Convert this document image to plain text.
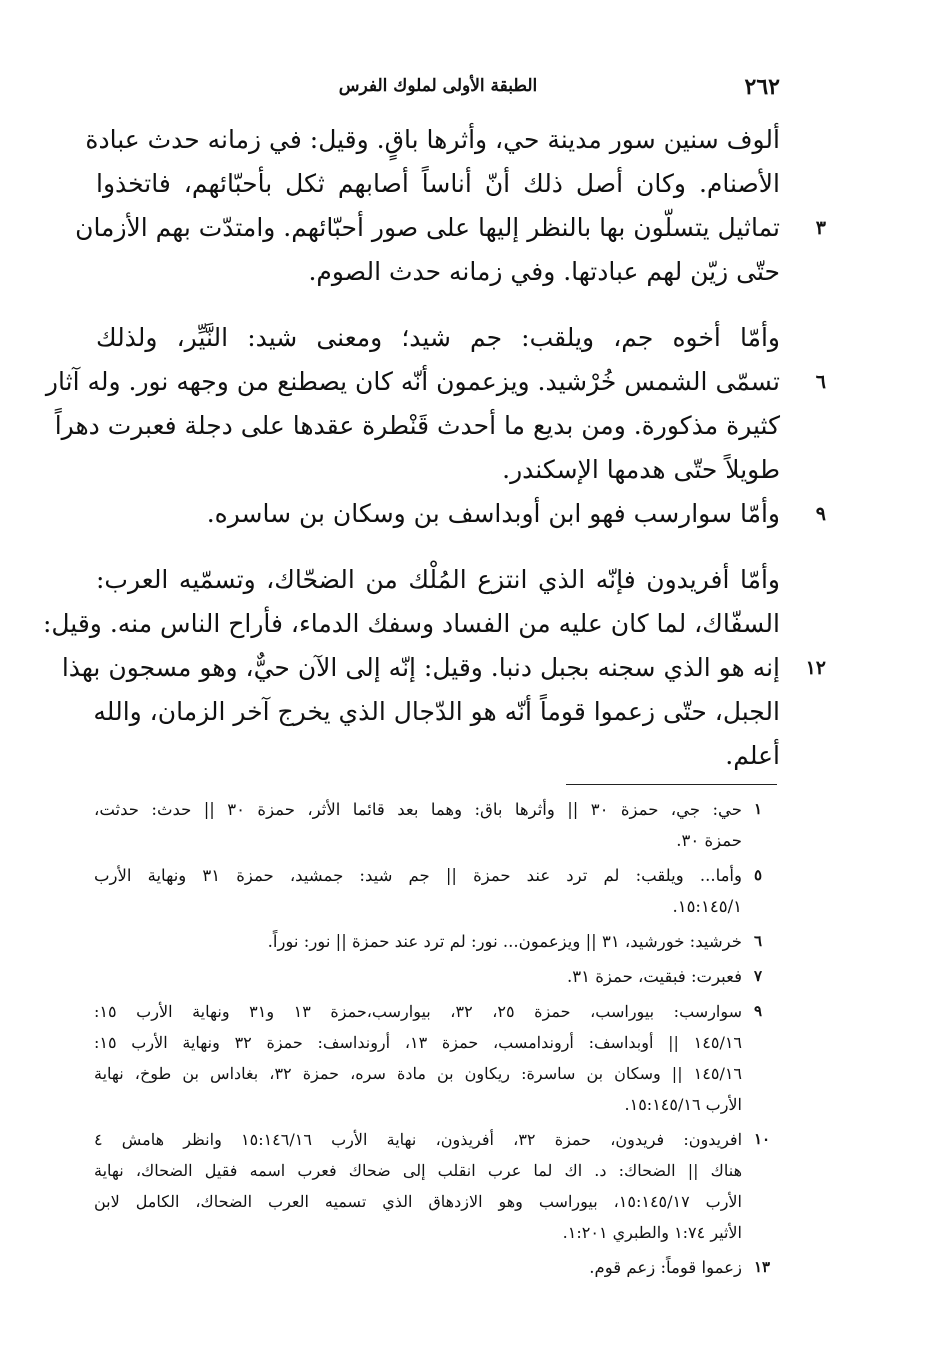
٢٦٢
الطبقة الأولى لملوك الفرس
ألوف سنين سور مدينة حي، وأثرها باقٍ. وقيل: في زمانه حدث عبادة
الأصنام. وكان أصل ذلك أنّ أناساً أصابهم ثكل بأحبّائهم، فاتخذوا
٣
تماثيل يتسلّون بها بالنظر إليها على صور أحبّائهم. وامتدّت بهم الأزمان
حتّى زيّن لهم عبادتها. وفي زمانه حدث الصوم.
وأمّا أخوه جم، ويلقب: جم شيد؛ ومعنى شيد: النَّيِّر، ولذلك
٦
تسمّى الشمس خُرْشيد. ويزعمون أنّه كان يصطنع من وجهه نور. وله آثار
كثيرة مذكورة. ومن بديع ما أحدث قَنْطرة عقدها على دجلة فعبرت دهراً
طويلاً حتّى هدمها الإسكندر.
٩
وأمّا سوارسب فهو ابن أوبداسف بن وسكان بن ساسره.
وأمّا أفريدون فإنّه الذي انتزع المُلْك من الضحّاك، وتسمّيه العرب:
السفّاك، لما كان عليه من الفساد وسفك الدماء، فأراح الناس منه. وقيل:
١٢
إنه هو الذي سجنه بجبل دنبا. وقيل: إنّه إلى الآن حيٌّ، وهو مسجون بهذا
الجبل، حتّى زعموا قوماً أنّه هو الدّجال الذي يخرج آخر الزمان، والله
أعلم.
١
حي: جي، حمزة ٣٠ || وأثرها باق: وهما بعد قائما الأثر، حمزة ٣٠ || حدث: حدثت،
حمزة ٣٠.
٥
وأما... ويلقب: لم ترد عند حمزة || جم شيد: جمشيد، حمزة ٣١ ونهاية الأرب
١٥:١٤٥/١.
٦
خرشيد: خورشيد، ٣١ || ويزعمون... نور: لم ترد عند حمزة || نور: نوراً.
٧
فعبرت: فبقيت، حمزة ٣١.
٩
سوارسب: بيوراسب، حمزة ٢٥، ٣٢، بيوارسب،حمزة ١٣ و٣١ ونهاية الأرب ١٥:
١٤٥/١٦ || أوبداسف: أروندامسب، حمزة ١٣، أرونداسف: حمزة ٣٢ ونهاية الأرب ١٥:
١٤٥/١٦ || وسكان بن ساسرة: ريكاون بن مادة سره، حمزة ٣٢، بغاداس بن طوخ، نهاية
الأرب ١٥:١٤٥/١٦.
١٠
افريدون: فريدون، حمزة ٣٢، أفريذون، نهاية الأرب ١٥:١٤٦/١٦ وانظر هامش ٤
هناك || الضحاك: د. اك لما عرب انقلب إلى ضحاك فعرب اسمه فقيل الضحاك، نهاية
الأرب ١٥:١٤٥/١٧، بيوراسب وهو الازدهاق الذي تسميه العرب الضحاك، الكامل لابن
الأثير ١:٧٤ والطبري ١:٢٠١.
١٣
زعموا قوماً: زعم قوم.
